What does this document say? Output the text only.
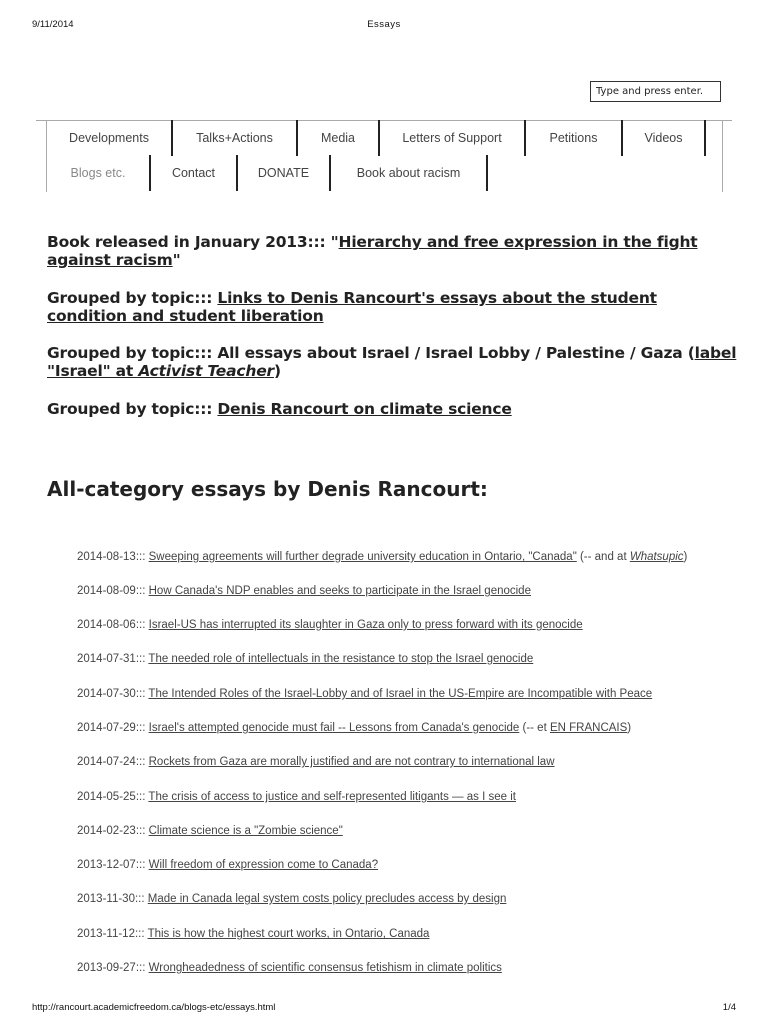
9/11/2014	Essays
Type and press enter.
Developments	Talks+Actions	Media	Letters of Support	Petitions	Videos
Blogs etc.	Contact	DONATE	Book about racism
Book released in January 2013::: "Hierarchy and free expression in the fight against racism"
Grouped by topic::: Links to Denis Rancourt's essays about the student condition and student liberation
Grouped by topic::: All essays about Israel / Israel Lobby / Palestine / Gaza (label "Israel" at Activist Teacher)
Grouped by topic::: Denis Rancourt on climate science
All-category essays by Denis Rancourt:
2014-08-13::: Sweeping agreements will further degrade university education in Ontario, "Canada" (-- and at Whatsupic)
2014-08-09::: How Canada's NDP enables and seeks to participate in the Israel genocide
2014-08-06::: Israel-US has interrupted its slaughter in Gaza only to press forward with its genocide
2014-07-31::: The needed role of intellectuals in the resistance to stop the Israel genocide
2014-07-30::: The Intended Roles of the Israel-Lobby and of Israel in the US-Empire are Incompatible with Peace
2014-07-29::: Israel's attempted genocide must fail -- Lessons from Canada's genocide (-- et EN FRANCAIS)
2014-07-24::: Rockets from Gaza are morally justified and are not contrary to international law
2014-05-25::: The crisis of access to justice and self-represented litigants — as I see it
2014-02-23::: Climate science is a "Zombie science"
2013-12-07::: Will freedom of expression come to Canada?
2013-11-30::: Made in Canada legal system costs policy precludes access by design
2013-11-12::: This is how the highest court works, in Ontario, Canada
2013-09-27::: Wrongheadedness of scientific consensus fetishism in climate politics
http://rancourt.academicfreedom.ca/blogs-etc/essays.html	1/4
